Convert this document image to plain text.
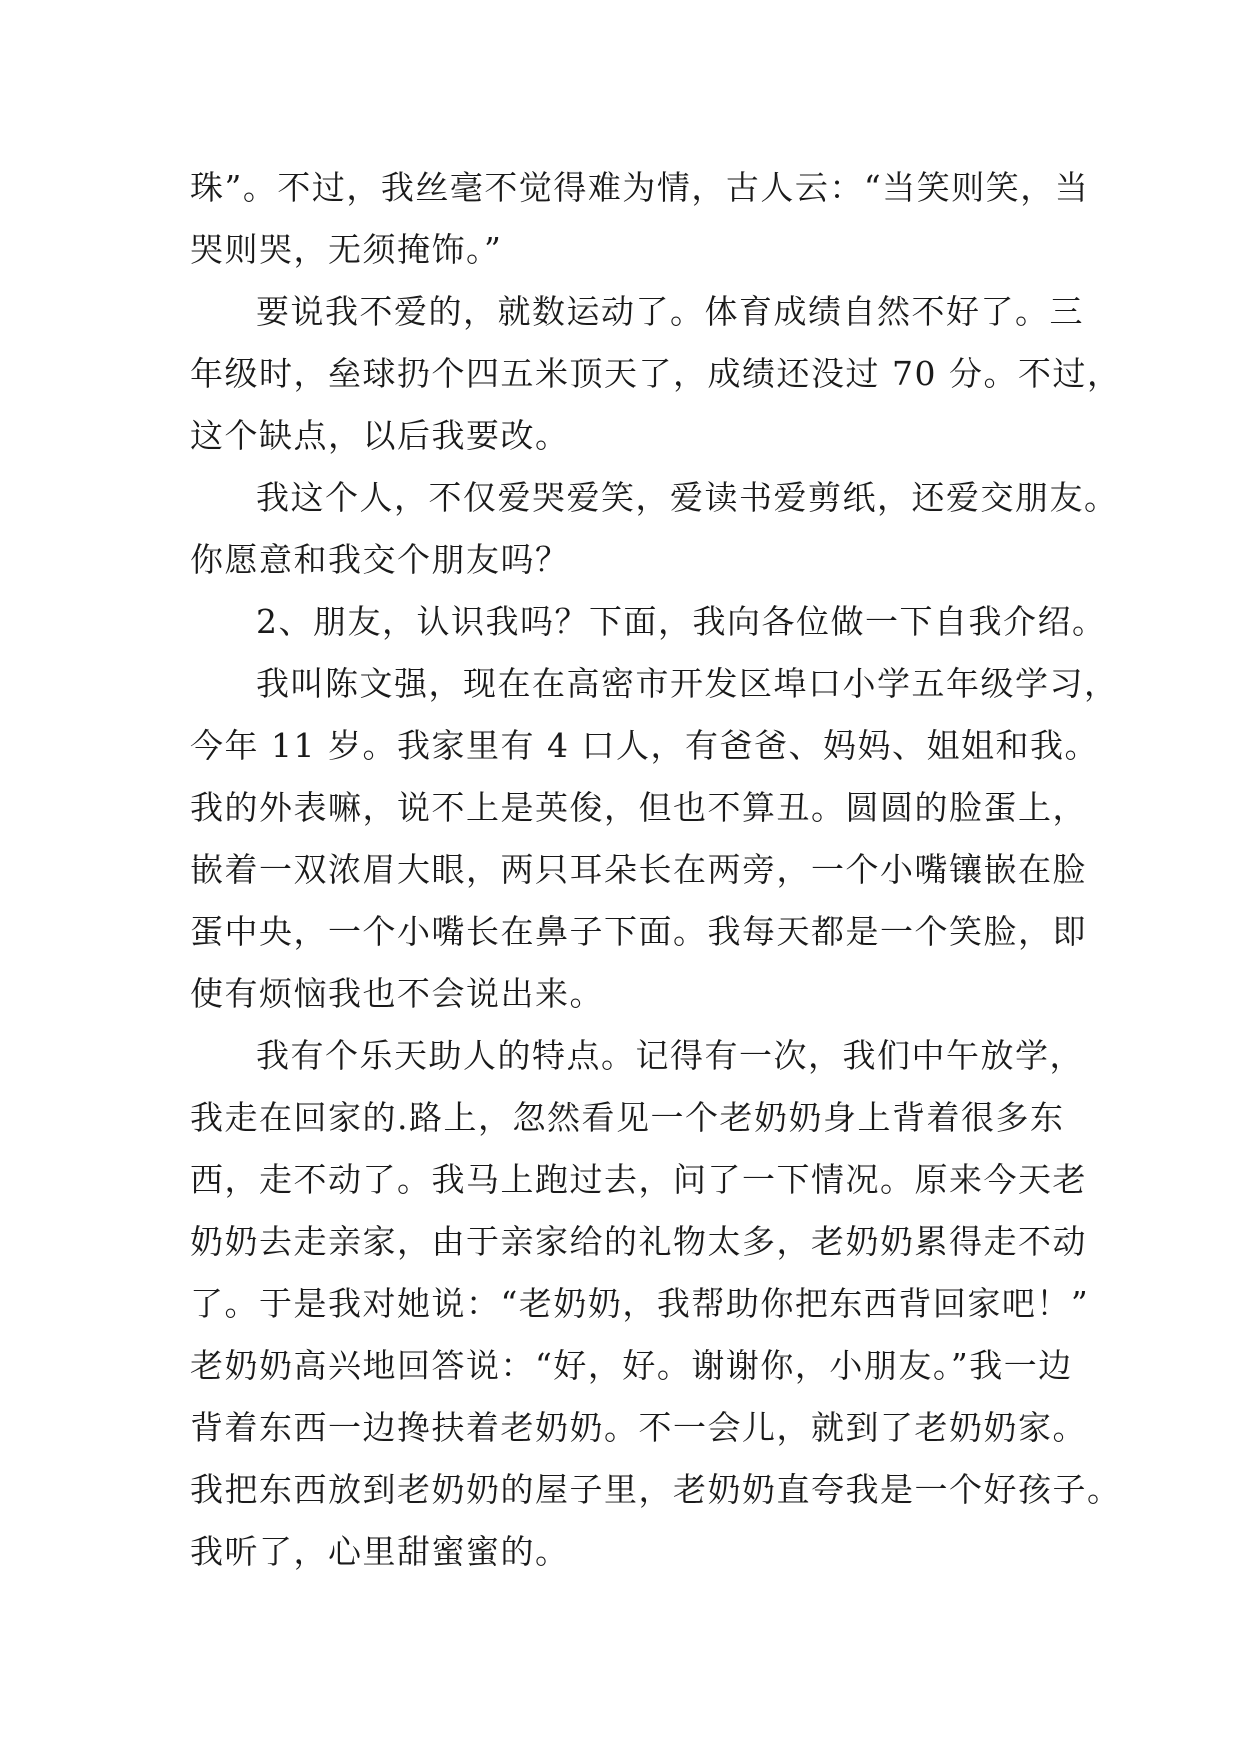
珠”。不过，我丝毫不觉得难为情，古人云：“当笑则笑，当
哭则哭，无须掩饰。”

要说我不爱的，就数运动了。体育成绩自然不好了。三
年级时，垒球扔个四五米顶天了，成绩还没过 70 分。不过，
这个缺点，以后我要改。

我这个人，不仅爱哭爱笑，爱读书爱剪纸，还爱交朋友。
你愿意和我交个朋友吗？

2、朋友，认识我吗？下面，我向各位做一下自我介绍。

我叫陈文强，现在在高密市开发区埠口小学五年级学习，
今年 11 岁。我家里有 4 口人，有爸爸、妈妈、姐姐和我。
我的外表嘛，说不上是英俊，但也不算丑。圆圆的脸蛋上，
嵌着一双浓眉大眼，两只耳朵长在两旁，一个小嘴镶嵌在脸
蛋中央，一个小嘴长在鼻子下面。我每天都是一个笑脸，即
使有烦恼我也不会说出来。

我有个乐天助人的特点。记得有一次，我们中午放学，
我走在回家的.路上，忽然看见一个老奶奶身上背着很多东
西，走不动了。我马上跑过去，问了一下情况。原来今天老
奶奶去走亲家，由于亲家给的礼物太多，老奶奶累得走不动
了。于是我对她说：“老奶奶，我帮助你把东西背回家吧！”
老奶奶高兴地回答说：“好，好。谢谢你，小朋友。”我一边
背着东西一边搀扶着老奶奶。不一会儿，就到了老奶奶家。
我把东西放到老奶奶的屋子里，老奶奶直夸我是一个好孩子。
我听了，心里甜蜜蜜的。
